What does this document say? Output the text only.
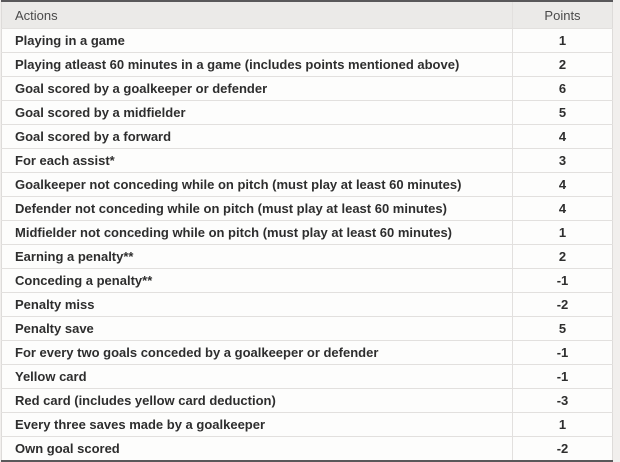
Actions	Points
Playing in a game	1
Playing atleast 60 minutes in a game (includes points mentioned above)	2
Goal scored by a goalkeeper or defender	6
Goal scored by a midfielder	5
Goal scored by a forward	4
For each assist*	3
Goalkeeper not conceding while on pitch (must play at least 60 minutes)	4
Defender not conceding while on pitch (must play at least 60 minutes)	4
Midfielder not conceding while on pitch (must play at least 60 minutes)	1
Earning a penalty**	2
Conceding a penalty**	-1
Penalty miss	-2
Penalty save	5
For every two goals conceded by a goalkeeper or defender	-1
Yellow card	-1
Red card (includes yellow card deduction)	-3
Every three saves made by a goalkeeper	1
Own goal scored	-2
